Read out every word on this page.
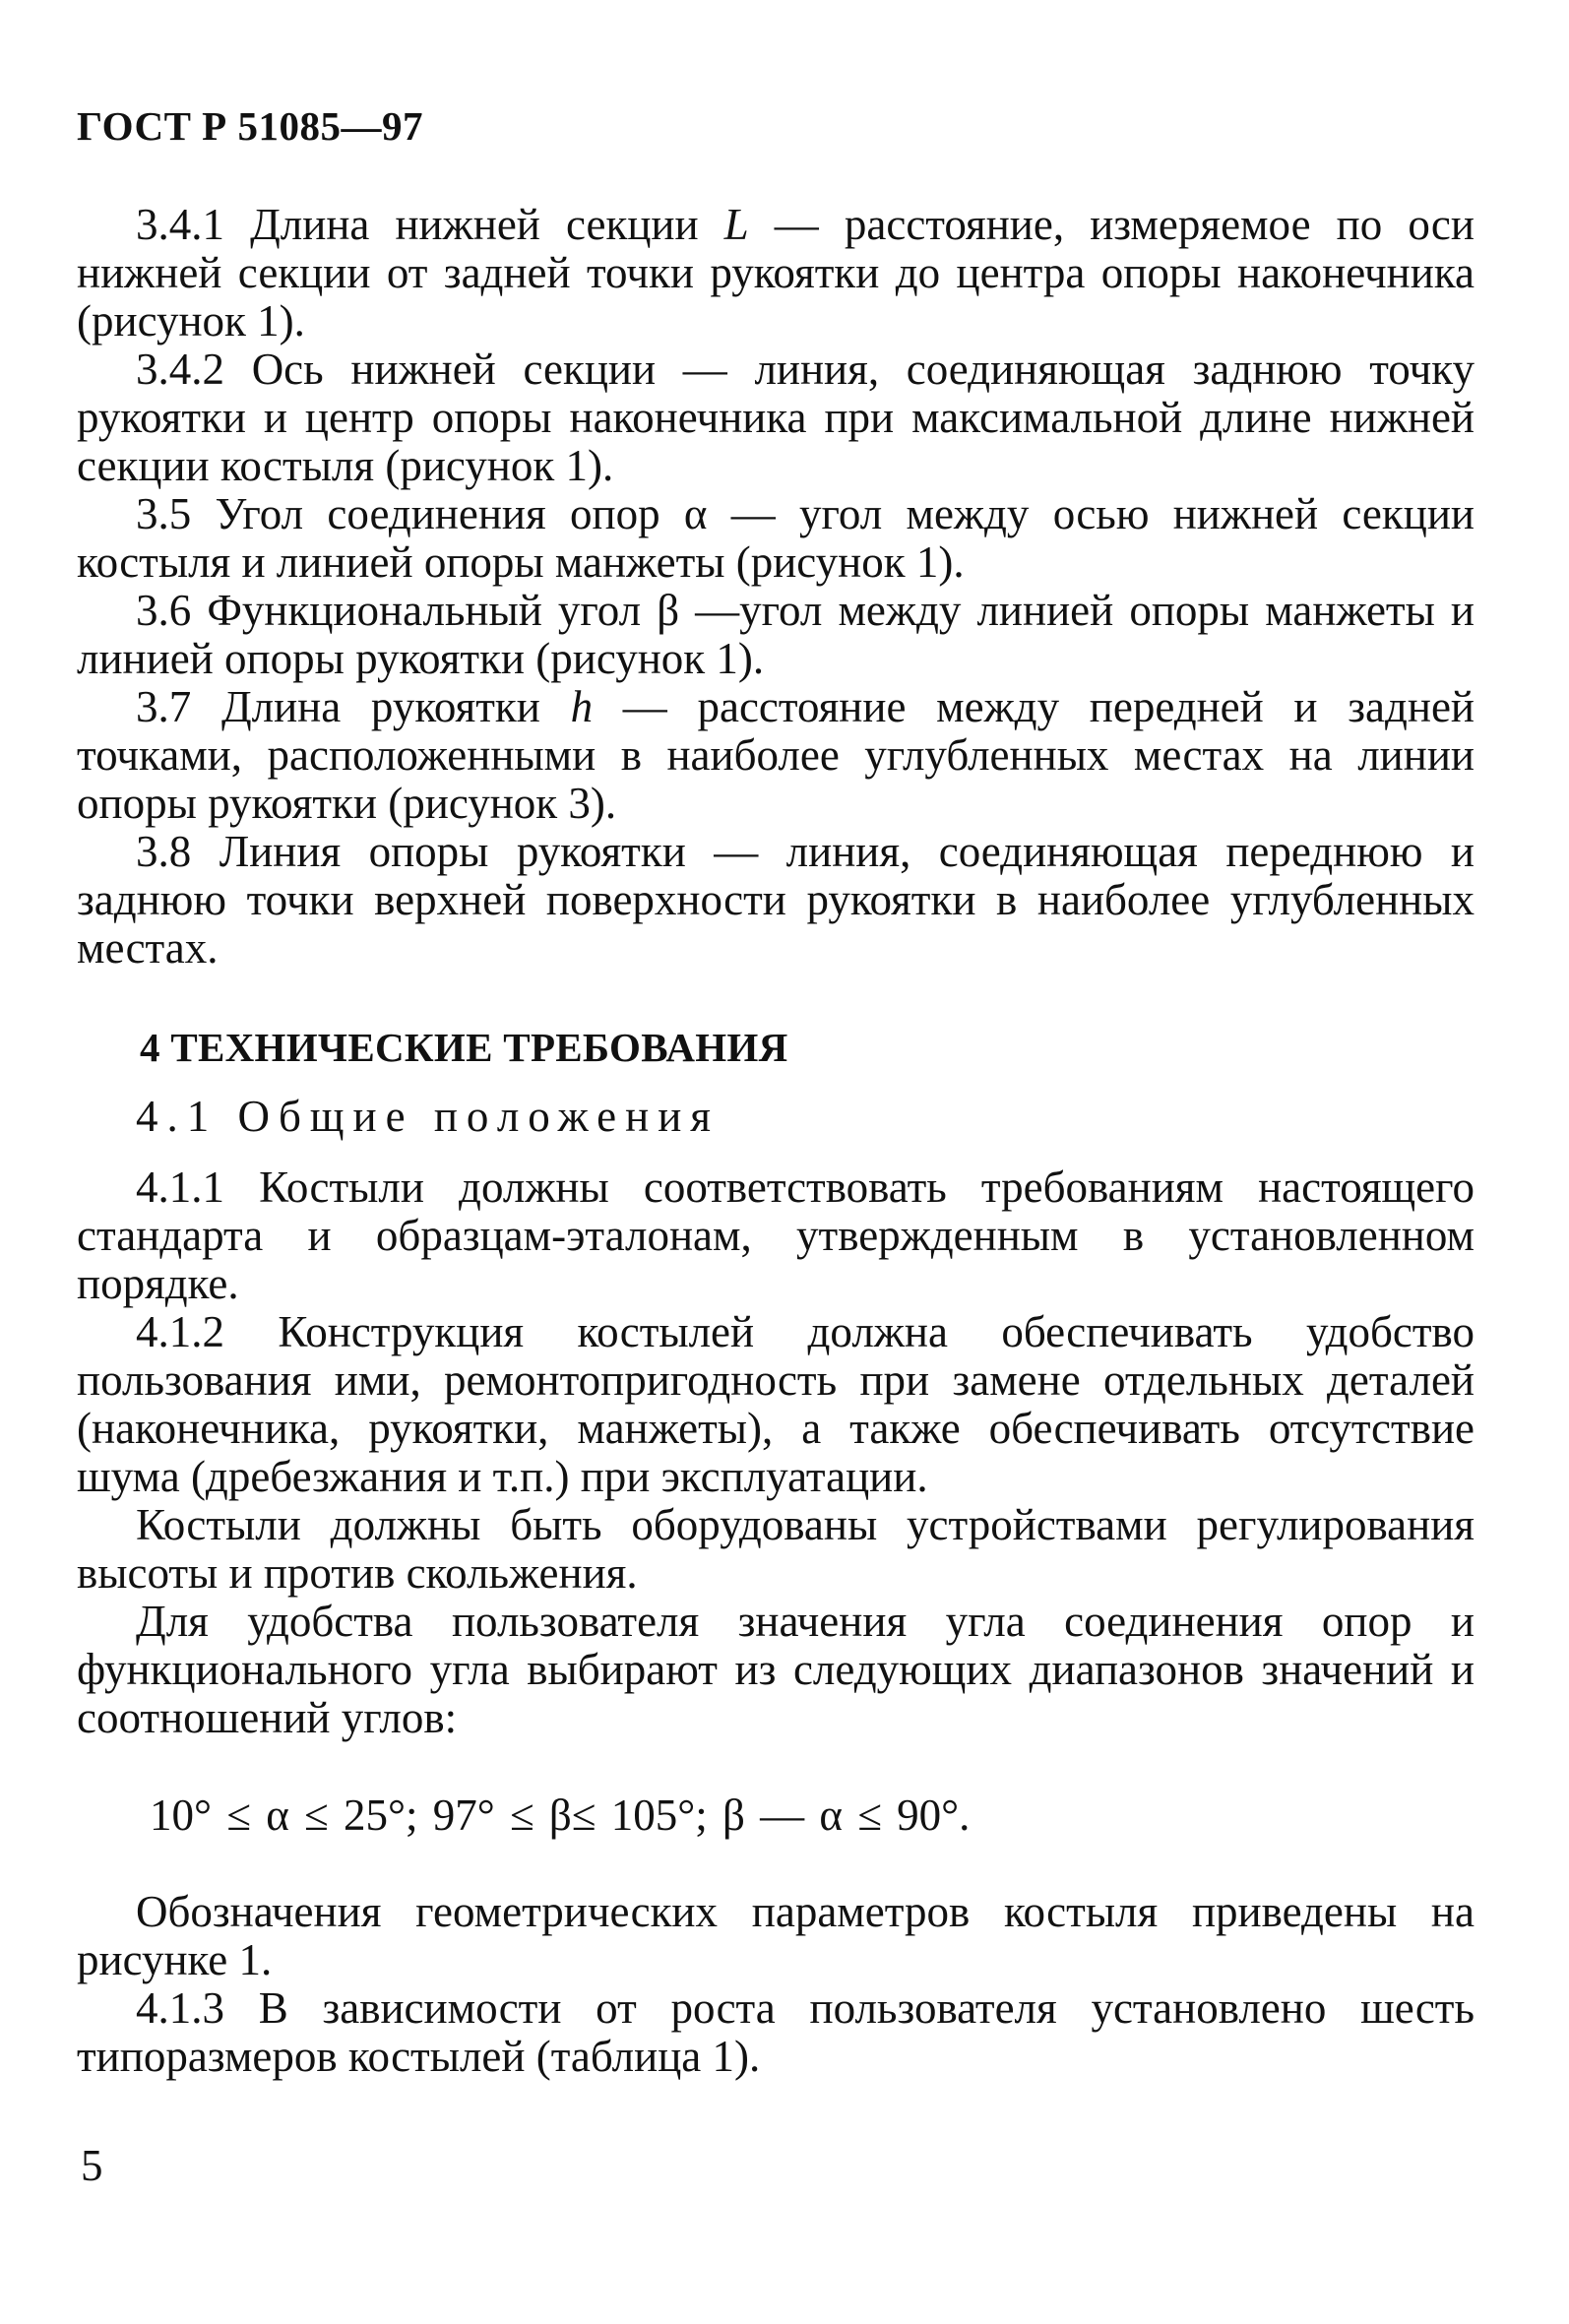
ГОСТ Р 51085—97

3.4.1 Длина нижней секции L — расстояние, измеряемое по оси нижней секции от задней точки рукоятки до центра опоры наконечника (рисунок 1).

3.4.2 Ось нижней секции — линия, соединяющая заднюю точку рукоятки и центр опоры наконечника при максимальной длине нижней секции костыля (рисунок 1).

3.5 Угол соединения опор α — угол между осью нижней секции костыля и линией опоры манжеты (рисунок 1).

3.6 Функциональный угол β —угол между линией опоры манжеты и линией опоры рукоятки (рисунок 1).

3.7 Длина рукоятки h — расстояние между передней и задней точками, расположенными в наиболее углубленных местах на линии опоры рукоятки (рисунок 3).

3.8 Линия опоры рукоятки — линия, соединяющая переднюю и заднюю точки верхней поверхности рукоятки в наиболее углубленных местах.

4 ТЕХНИЧЕСКИЕ ТРЕБОВАНИЯ
4.1 Общие положения

4.1.1 Костыли должны соответствовать требованиям настоящего стандарта и образцам-эталонам, утвержденным в установленном порядке.

4.1.2 Конструкция костылей должна обеспечивать удобство пользования ими, ремонтопригодность при замене отдельных деталей (наконечника, рукоятки, манжеты), а также обеспечивать отсутствие шума (дребезжания и т.п.) при эксплуатации.

Костыли должны быть оборудованы устройствами регулирования высоты и против скольжения.

Для удобства пользователя значения угла соединения опор и функционального угла выбирают из следующих диапазонов значений и соотношений углов:

10° ≤ α ≤ 25°; 97° ≤ β≤ 105°; β — α ≤ 90°.

Обозначения геометрических параметров костыля приведены на рисунке 1.

4.1.3 В зависимости от роста пользователя установлено шесть типоразмеров костылей (таблица 1).

5
